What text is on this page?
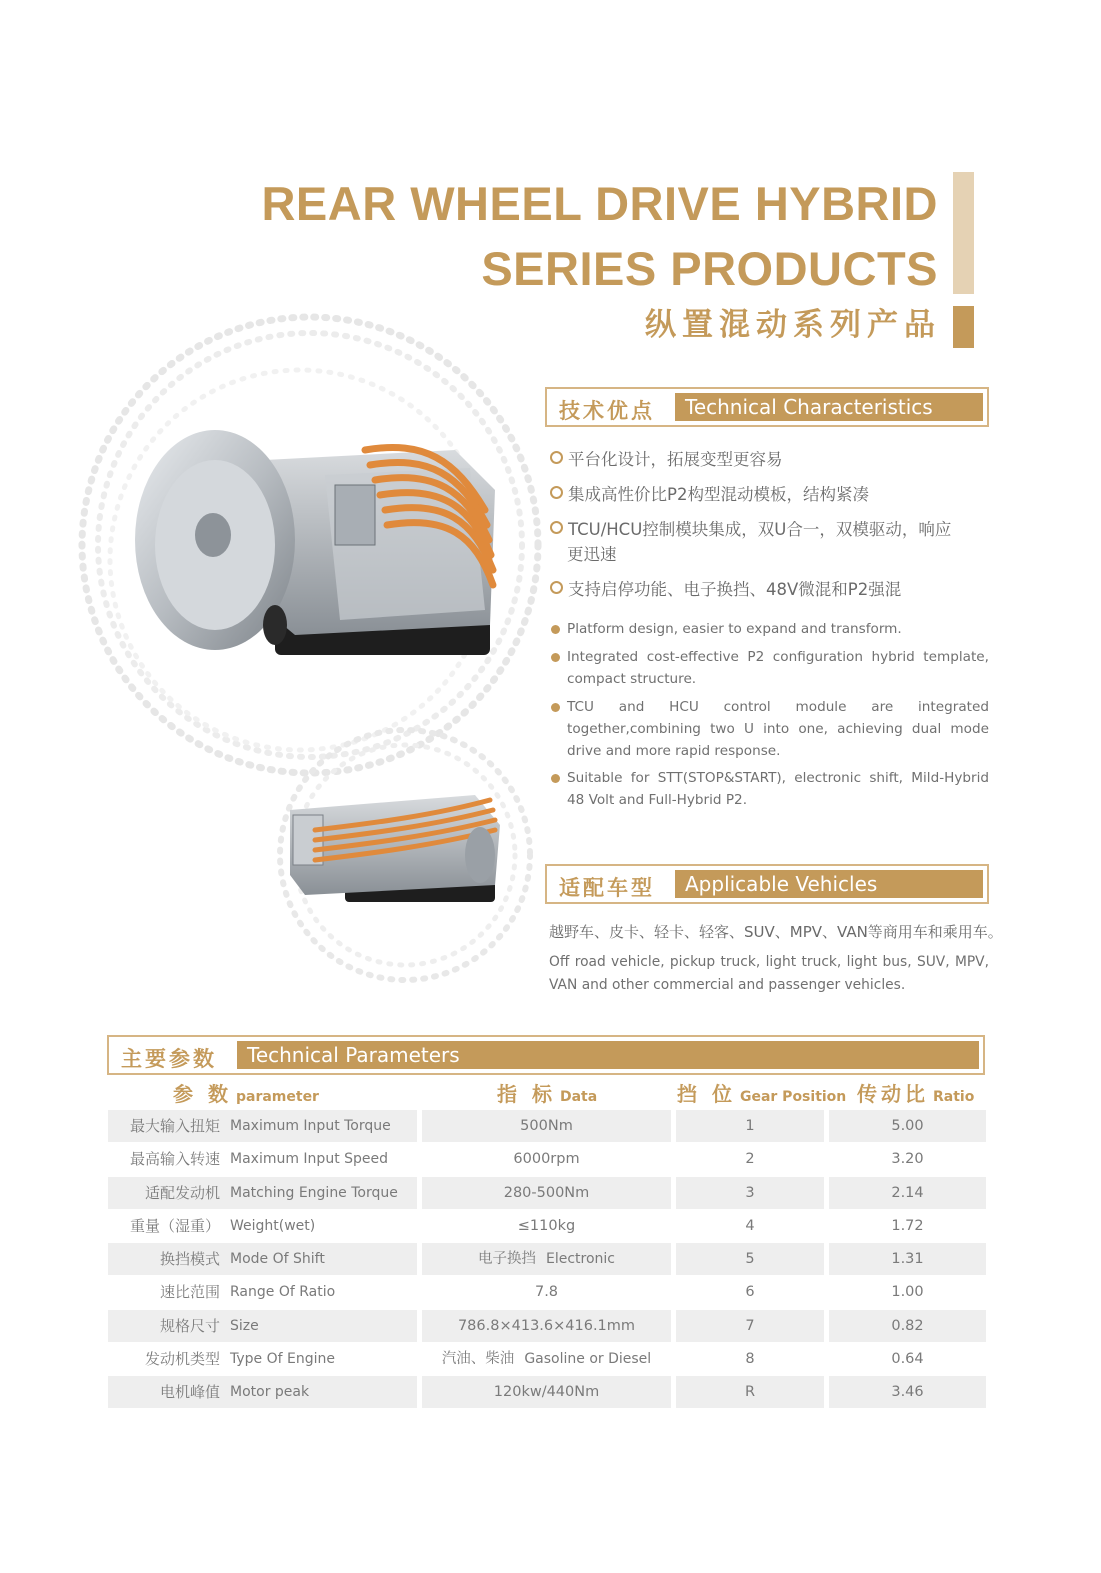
REAR WHEEL DRIVE HYBRID
SERIES PRODUCTS
纵置混动系列产品
技术优点	Technical Characteristics
平台化设计，拓展变型更容易
集成高性价比P2构型混动模板，结构紧凑
TCU/HCU控制模块集成，双U合一，双模驱动，响应
更迅速
支持启停功能、电子换挡、48V微混和P2强混
Platform design, easier to expand and transform.
Integrated cost-effective P2 configuration hybrid template, compact structure.
TCU and HCU control module are integrated together,combining two U into one, achieving dual mode drive and more rapid response.
Suitable for STT(STOP&START), electronic shift, Mild-Hybrid 48 Volt and Full-Hybrid P2.
适配车型	Applicable Vehicles
越野车、皮卡、轻卡、轻客、SUV、MPV、VAN等商用车和乘用车。
Off road vehicle, pickup truck, light truck, light bus, SUV, MPV, VAN and other commercial and passenger vehicles.
主要参数	Technical Parameters
参 数 parameter	指 标 Data	挡 位 Gear Position 传动比 Ratio
最大输入扭矩 Maximum Input Torque	500Nm	1	5.00
最高输入转速 Maximum Input Speed	6000rpm	2	3.20
适配发动机 Matching Engine Torque	280-500Nm	3	2.14
重量（湿重） Weight(wet)	≤110kg	4	1.72
换挡模式 Mode Of Shift	电子换挡 Electronic	5	1.31
速比范围 Range Of Ratio	7.8	6	1.00
规格尺寸 Size	786.8×413.6×416.1mm	7	0.82
发动机类型 Type Of Engine	汽油、柴油 Gasoline or Diesel	8	0.64
电机峰值 Motor peak	120kw/440Nm	R	3.46
